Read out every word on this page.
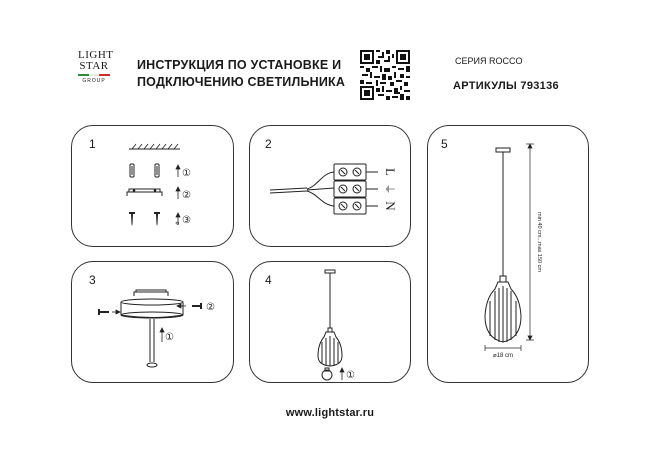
LIGHT
STAR
GROUP
ИНСТРУКЦИЯ ПО УСТАНОВКЕ И
ПОДКЛЮЧЕНИЮ СВЕТИЛЬНИКА
СЕРИЯ ROCCO
АРТИКУЛЫ 793136
1
⟲
①
②
③
2
L
⏚
N
3
②
①
4
①
5
min 40 cm...max 150 cm
⌀18 cm
www.lightstar.ru
